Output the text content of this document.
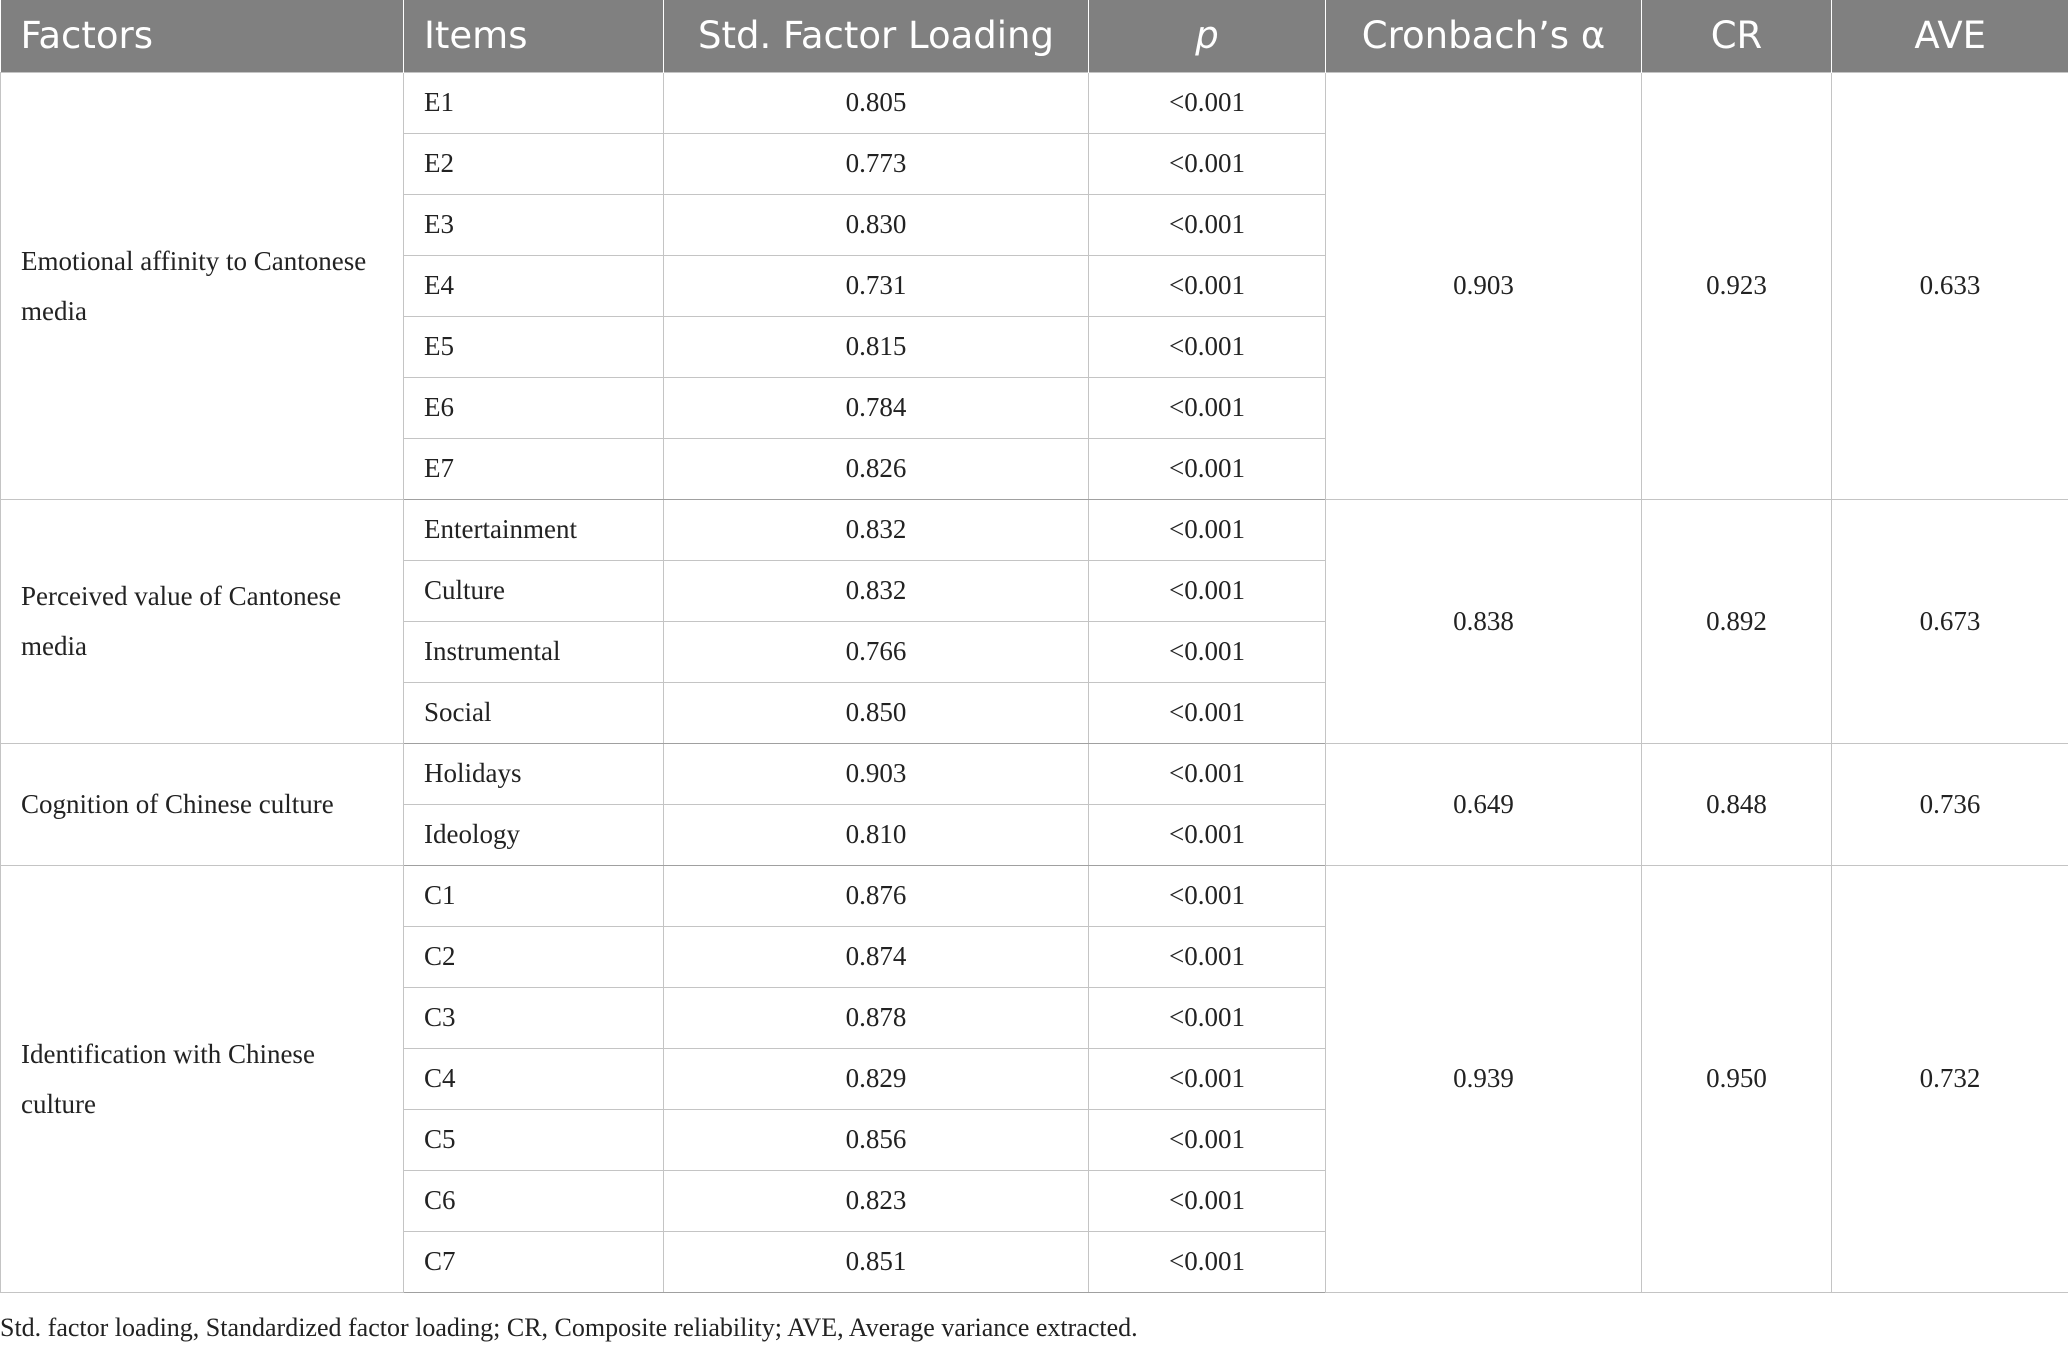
Factors	Items	Std. Factor Loading	p	Cronbach’s α	CR	AVE
Emotional affinity to Cantonese media	E1	0.805	<0.001	0.903	0.923	0.633
	E2	0.773	<0.001			
	E3	0.830	<0.001			
	E4	0.731	<0.001			
	E5	0.815	<0.001			
	E6	0.784	<0.001			
	E7	0.826	<0.001			
Perceived value of Cantonese media	Entertainment	0.832	<0.001	0.838	0.892	0.673
	Culture	0.832	<0.001			
	Instrumental	0.766	<0.001			
	Social	0.850	<0.001			
Cognition of Chinese culture	Holidays	0.903	<0.001	0.649	0.848	0.736
	Ideology	0.810	<0.001			
Identification with Chinese culture	C1	0.876	<0.001	0.939	0.950	0.732
	C2	0.874	<0.001			
	C3	0.878	<0.001			
	C4	0.829	<0.001			
	C5	0.856	<0.001			
	C6	0.823	<0.001			
	C7	0.851	<0.001			
Std. factor loading, Standardized factor loading; CR, Composite reliability; AVE, Average variance extracted.
